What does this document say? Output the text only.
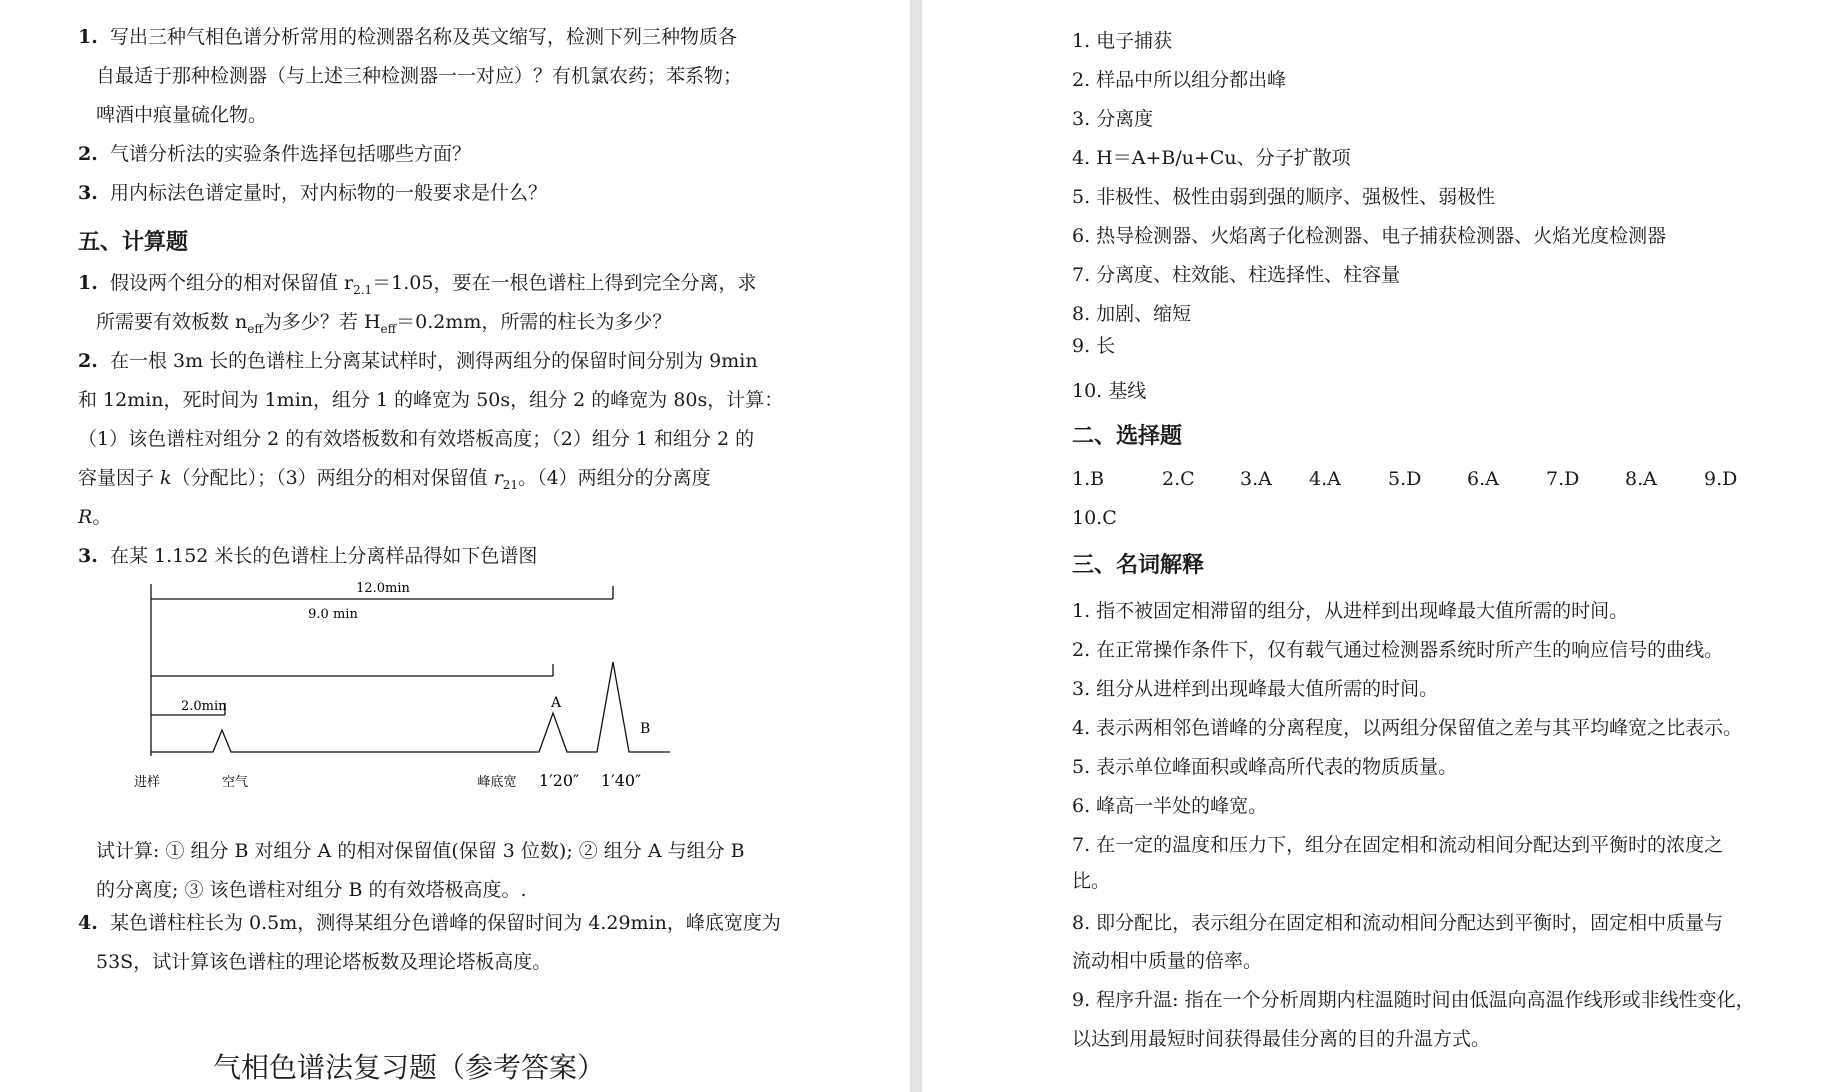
1. 写出三种气相色谱分析常用的检测器名称及英文缩写，检测下列三种物质各
自最适于那种检测器（与上述三种检测器一一对应）？有机氯农药；苯系物；
啤酒中痕量硫化物。
2. 气谱分析法的实验条件选择包括哪些方面？
3. 用内标法色谱定量时，对内标物的一般要求是什么？
五、计算题
1. 假设两个组分的相对保留值 $r_{2.1}=1.05$，要在一根色谱柱上得到完全分离，求
所需要有效板数 $n_{eff}$为多少？若 $H_{eff}=0.2mm$，所需的柱长为多少？
2. 在一根 3m 长的色谱柱上分离某试样时，测得两组分的保留时间分别为 9min
和 12min，死时间为 1min，组分 1 的峰宽为 50s，组分 2 的峰宽为 80s，计算：
（1）该色谱柱对组分 2 的有效塔板数和有效塔板高度；（2）组分 1 和组分 2 的
容量因子 k（分配比）；（3）两组分的相对保留值 $r_{21}$。（4）两组分的分离度
R。
3. 在某 1.152 米长的色谱柱上分离样品得如下色谱图
12.0min
9.0 min
2.0min	A
B
进样	空气	峰底宽 1′20″ 1′40″
试计算: ① 组分 B 对组分 A 的相对保留值(保留 3 位数); ② 组分 A 与组分 B
的分离度; ③ 该色谱柱对组分 B 的有效塔极高度。.
4. 某色谱柱柱长为 0.5m，测得某组分色谱峰的保留时间为 4.29min，峰底宽度为
53S，试计算该色谱柱的理论塔板数及理论塔板高度。
气相色谱法复习题（参考答案）
1. 电子捕获
2. 样品中所以组分都出峰
3. 分离度
4. H＝A+B/u+Cu、分子扩散项
5. 非极性、极性由弱到强的顺序、强极性、弱极性
6. 热导检测器、火焰离子化检测器、电子捕获检测器、火焰光度检测器
7. 分离度、柱效能、柱选择性、柱容量
8. 加剧、缩短
9. 长
10. 基线
二、选择题
1.B	2.C 3.A 4.A 5.D 6.A 7.D 8.A 9.D
10.C
三、名词解释
1. 指不被固定相滞留的组分，从进样到出现峰最大值所需的时间。
2. 在正常操作条件下，仅有载气通过检测器系统时所产生的响应信号的曲线。
3. 组分从进样到出现峰最大值所需的时间。
4. 表示两相邻色谱峰的分离程度，以两组分保留值之差与其平均峰宽之比表示。
5. 表示单位峰面积或峰高所代表的物质质量。
6. 峰高一半处的峰宽。
7. 在一定的温度和压力下，组分在固定相和流动相间分配达到平衡时的浓度之
比。
8. 即分配比，表示组分在固定相和流动相间分配达到平衡时，固定相中质量与
流动相中质量的倍率。
9. 程序升温: 指在一个分析周期内柱温随时间由低温向高温作线形或非线性变化，
以达到用最短时间获得最佳分离的目的升温方式。
